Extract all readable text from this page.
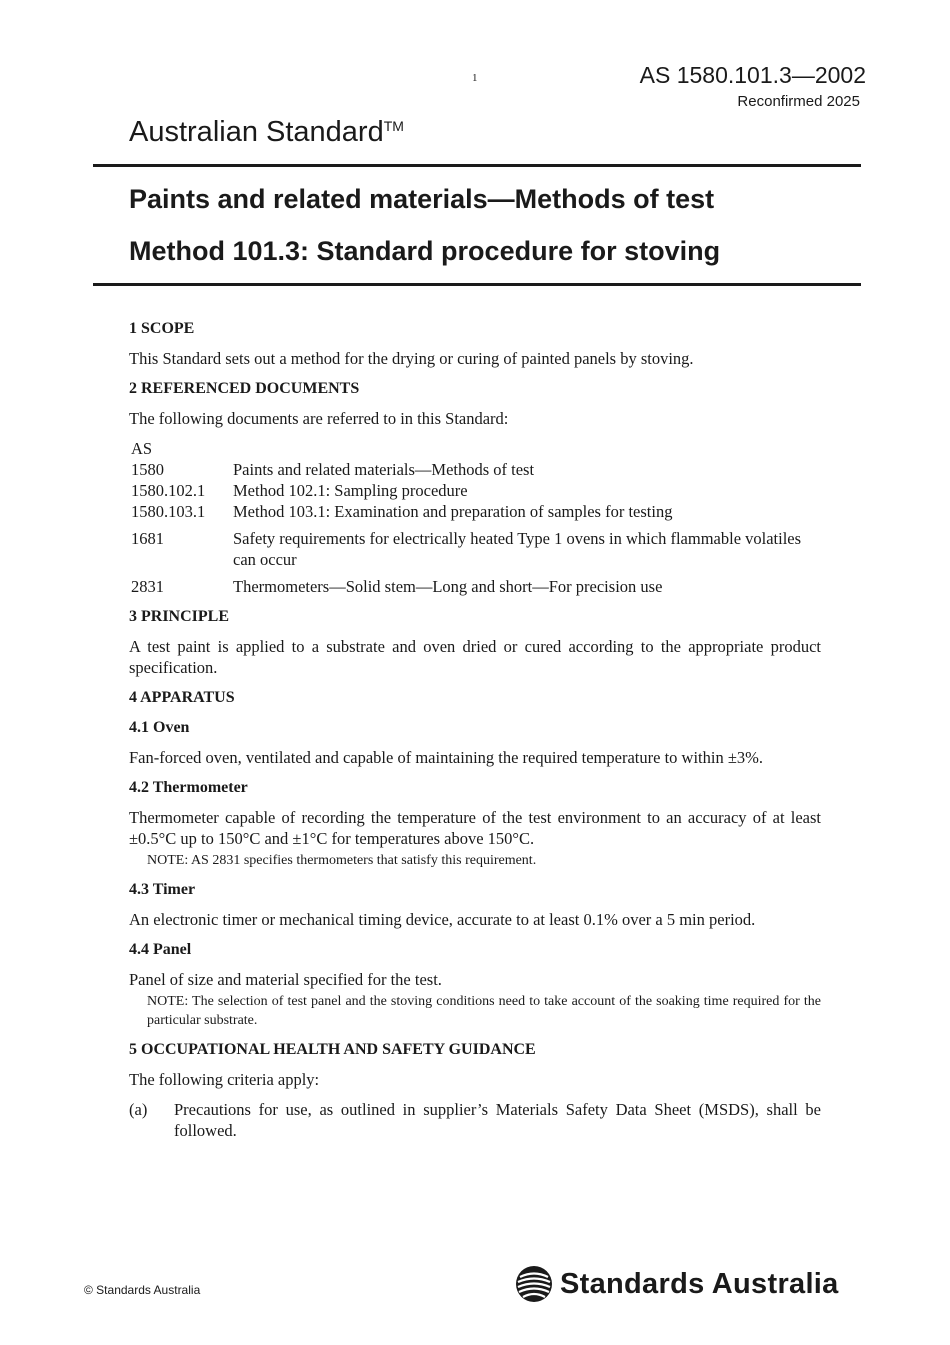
1	AS 1580.101.3—2002
Reconfirmed 2025
Australian Standard™
Paints and related materials—Methods of test
Method 101.3: Standard procedure for stoving

1 SCOPE

This Standard sets out a method for the drying or curing of painted panels by stoving.

2 REFERENCED DOCUMENTS

The following documents are referred to in this Standard:

AS
1580	Paints and related materials—Methods of test
1580.102.1	Method 102.1: Sampling procedure
1580.103.1	Method 103.1: Examination and preparation of samples for testing
1681	Safety requirements for electrically heated Type 1 ovens in which flammable volatiles can occur
2831	Thermometers—Solid stem—Long and short—For precision use

3 PRINCIPLE

A test paint is applied to a substrate and oven dried or cured according to the appropriate product specification.

4 APPARATUS

4.1 Oven

Fan-forced oven, ventilated and capable of maintaining the required temperature to within ±3%.

4.2 Thermometer

Thermometer capable of recording the temperature of the test environment to an accuracy of at least ±0.5°C up to 150°C and ±1°C for temperatures above 150°C.

NOTE: AS 2831 specifies thermometers that satisfy this requirement.

4.3 Timer

An electronic timer or mechanical timing device, accurate to at least 0.1% over a 5 min period.

4.4 Panel

Panel of size and material specified for the test.

NOTE: The selection of test panel and the stoving conditions need to take account of the soaking time required for the particular substrate.

5 OCCUPATIONAL HEALTH AND SAFETY GUIDANCE

The following criteria apply:

(a)	Precautions for use, as outlined in supplier’s Materials Safety Data Sheet (MSDS), shall be followed.
© Standards Australia	Standards Australia
